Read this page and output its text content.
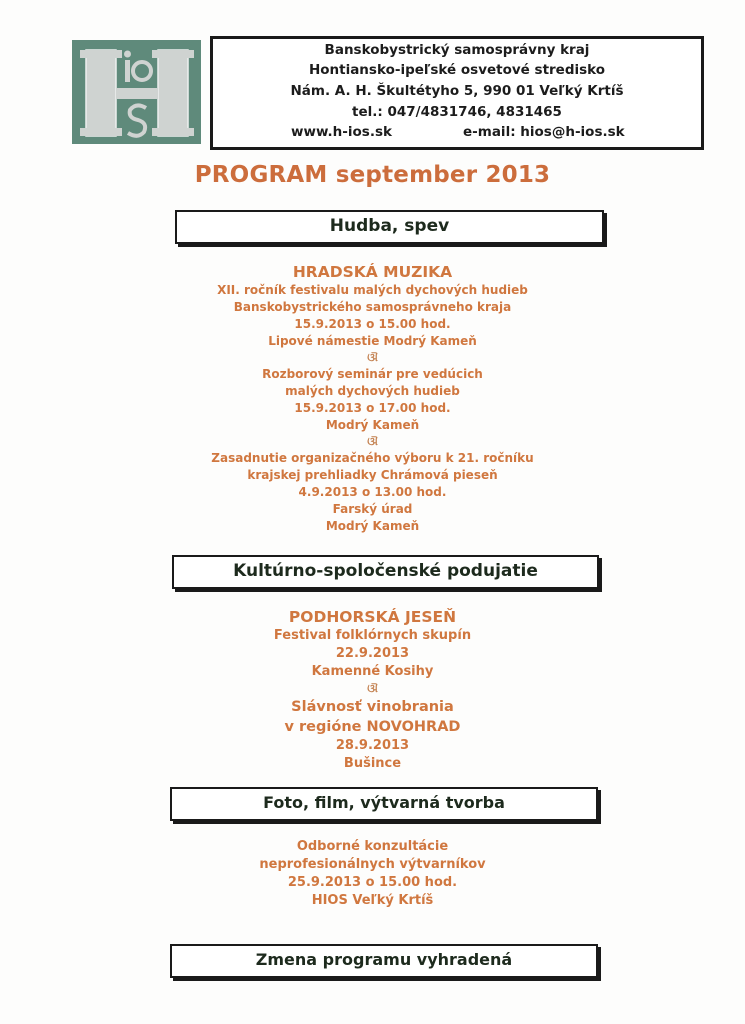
Banskobystrický samosprávny kraj
Hontiansko-ipeľské osvetové stredisko
Nám. A. H. Škultétyho 5, 990 01 Veľký Krtíš
tel.: 047/4831746, 4831465
www.h-ios.sk	e-mail: hios@h-ios.sk
PROGRAM september 2013
Hudba, spev
HRADSKÁ MUZIKA
XII. ročník festivalu malých dychových hudieb
Banskobystrického samosprávneho kraja
15.9.2013 o 15.00 hod.
Lipové námestie Modrý Kameň
ଔ
Rozborový seminár pre vedúcich
malých dychových hudieb
15.9.2013 o 17.00 hod.
Modrý Kameň
ଔ
Zasadnutie organizačného výboru k 21. ročníku
krajskej prehliadky Chrámová pieseň
4.9.2013 o 13.00 hod.
Farský úrad
Modrý Kameň
Kultúrno-spoločenské podujatie
PODHORSKÁ JESEŇ
Festival folklórnych skupín
22.9.2013
Kamenné Kosihy
ଔ
Slávnosť vinobrania
v regióne NOVOHRAD
28.9.2013
Bušince
Foto, film, výtvarná tvorba
Odborné konzultácie
neprofesionálnych výtvarníkov
25.9.2013 o 15.00 hod.
HIOS Veľký Krtíš
Zmena programu vyhradená
